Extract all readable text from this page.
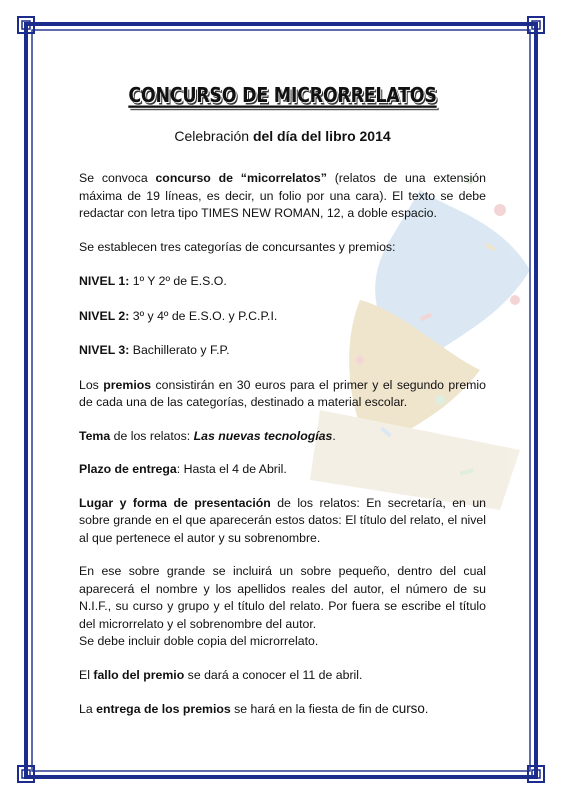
CONCURSO DE MICRORRELATOS
Celebración del día del libro 2014

Se convoca concurso de “micorrelatos” (relatos de una extensión máxima de 19 líneas, es decir, un folio por una cara). El texto se debe redactar con letra tipo TIMES NEW ROMAN, 12, a doble espacio.

Se establecen tres categorías de concursantes y premios:

NIVEL 1: 1º Y 2º de E.S.O.

NIVEL 2: 3º y 4º de E.S.O. y P.C.P.I.

NIVEL 3: Bachillerato y F.P.

Los premios consistirán en 30 euros para el primer y el segundo premio de cada una de las categorías, destinado a material escolar.

Tema de los relatos: Las nuevas tecnologías.

Plazo de entrega: Hasta el 4 de Abril.

Lugar y forma de presentación de los relatos: En secretaría, en un sobre grande en el que aparecerán estos datos: El título del relato, el nivel al que pertenece el autor y su sobrenombre.

En ese sobre grande se incluirá un sobre pequeño, dentro del cual aparecerá el nombre y los apellidos reales del autor, el número de su N.I.F., su curso y grupo y el título del relato. Por fuera se escribe el título del microrrelato y el sobrenombre del autor.

Se debe incluir doble copia del microrrelato.

El fallo del premio se dará a conocer el 11 de abril.

La entrega de los premios se hará en la fiesta de fin de curso.
